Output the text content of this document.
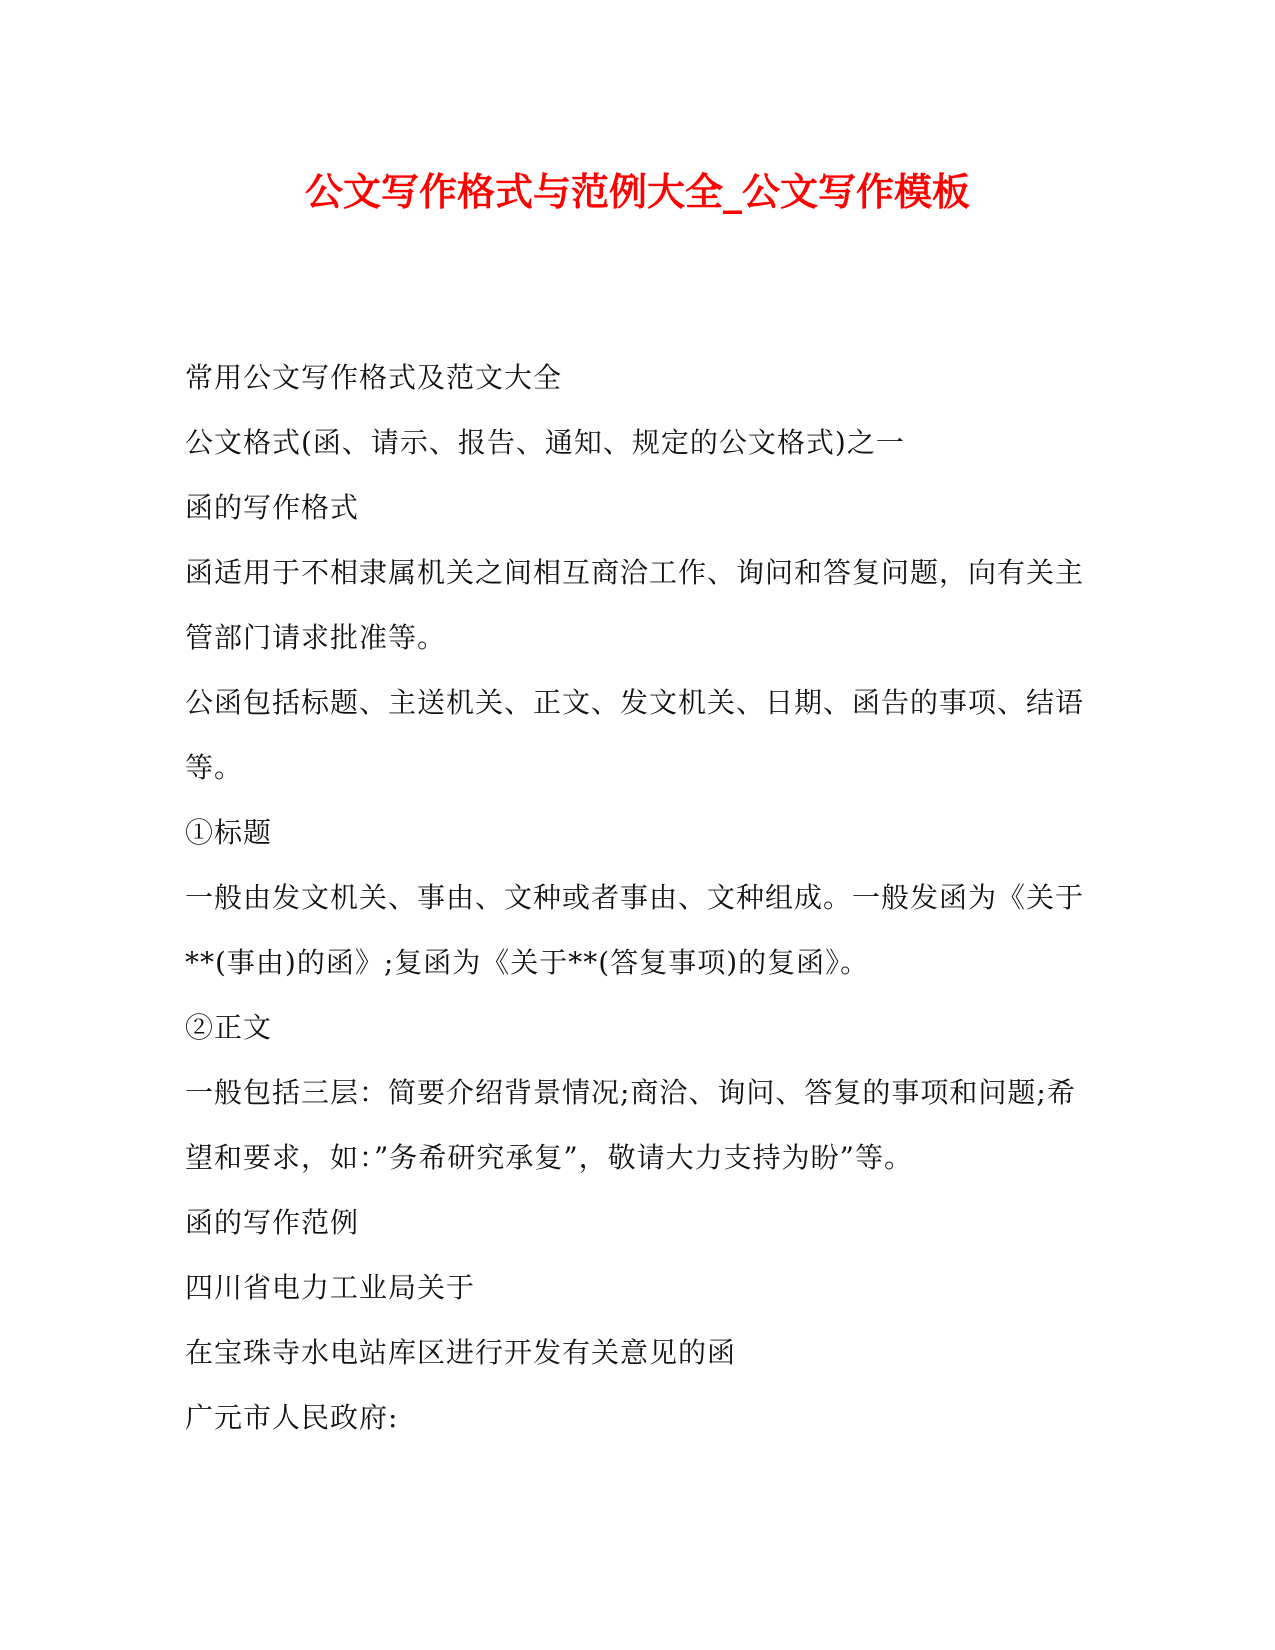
公文写作格式与范例大全_公文写作模板

常用公文写作格式及范文大全

公文格式(函、请示、报告、通知、规定的公文格式)之一

函的写作格式

函适用于不相隶属机关之间相互商洽工作、询问和答复问题，向有关主管部门请求批准等。

公函包括标题、主送机关、正文、发文机关、日期、函告的事项、结语等。

①标题

一般由发文机关、事由、文种或者事由、文种组成。一般发函为《关于**(事由)的函》;复函为《关于**(答复事项)的复函》。

②正文

一般包括三层：简要介绍背景情况;商洽、询问、答复的事项和问题;希望和要求，如：”务希研究承复”，敬请大力支持为盼”等。

函的写作范例

四川省电力工业局关于

在宝珠寺水电站库区进行开发有关意见的函

广元市人民政府:
